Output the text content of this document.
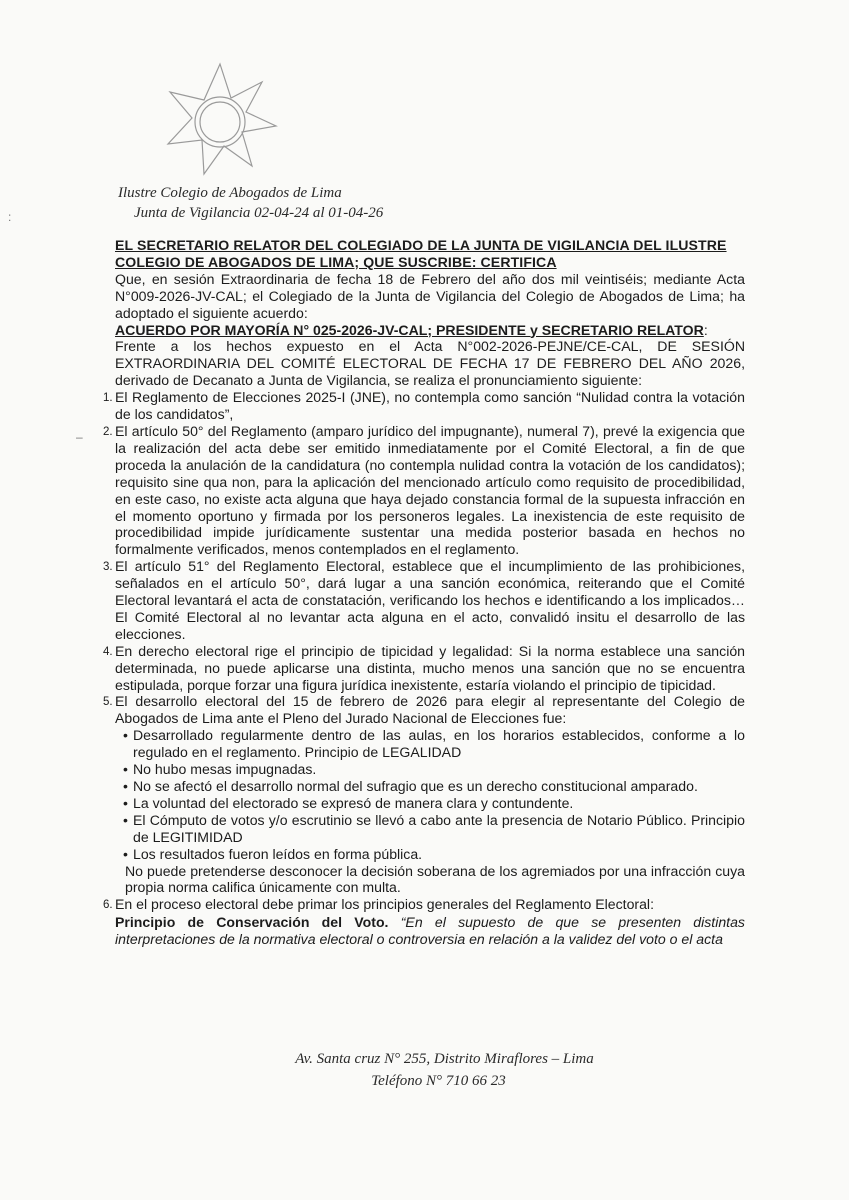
Ilustre Colegio de Abogados de Lima
Junta de Vigilancia 02-04-24 al 01-04-26
:
–

EL SECRETARIO RELATOR DEL COLEGIADO DE LA JUNTA DE VIGILANCIA DEL ILUSTRE COLEGIO DE ABOGADOS DE LIMA; QUE SUSCRIBE: CERTIFICA

Que, en sesión Extraordinaria de fecha 18 de Febrero del año dos mil veintiséis; mediante Acta N°009-2026-JV-CAL; el Colegiado de la Junta de Vigilancia del Colegio de Abogados de Lima; ha adoptado el siguiente acuerdo:

ACUERDO POR MAYORÍA N° 025-2026-JV-CAL; PRESIDENTE y SECRETARIO RELATOR:

Frente a los hechos expuesto en el Acta N°002-2026-PEJNE/CE-CAL, DE SESIÓN EXTRAORDINARIA DEL COMITÉ ELECTORAL DE FECHA 17 DE FEBRERO DEL AÑO 2026, derivado de Decanato a Junta de Vigilancia, se realiza el pronunciamiento siguiente:

1. El Reglamento de Elecciones 2025-I (JNE), no contempla como sanción “Nulidad contra la votación de los candidatos”,
2. El artículo 50° del Reglamento (amparo jurídico del impugnante), numeral 7), prevé la exigencia que la realización del acta debe ser emitido inmediatamente por el Comité Electoral, a fin de que proceda la anulación de la candidatura (no contempla nulidad contra la votación de los candidatos); requisito sine qua non, para la aplicación del mencionado artículo como requisito de procedibilidad, en este caso, no existe acta alguna que haya dejado constancia formal de la supuesta infracción en el momento oportuno y firmada por los personeros legales. La inexistencia de este requisito de procedibilidad impide jurídicamente sustentar una medida posterior basada en hechos no formalmente verificados, menos contemplados en el reglamento.
3. El artículo 51° del Reglamento Electoral, establece que el incumplimiento de las prohibiciones, señalados en el artículo 50°, dará lugar a una sanción económica, reiterando que el Comité Electoral levantará el acta de constatación, verificando los hechos e identificando a los implicados…El Comité Electoral al no levantar acta alguna en el acto, convalidó insitu el desarrollo de las elecciones.
4. En derecho electoral rige el principio de tipicidad y legalidad: Si la norma establece una sanción determinada, no puede aplicarse una distinta, mucho menos una sanción que no se encuentra estipulada, porque forzar una figura jurídica inexistente, estaría violando el principio de tipicidad.
5. El desarrollo electoral del 15 de febrero de 2026 para elegir al representante del Colegio de Abogados de Lima ante el Pleno del Jurado Nacional de Elecciones fue:
• Desarrollado regularmente dentro de las aulas, en los horarios establecidos, conforme a lo regulado en el reglamento. Principio de LEGALIDAD
• No hubo mesas impugnadas.
• No se afectó el desarrollo normal del sufragio que es un derecho constitucional amparado.
• La voluntad del electorado se expresó de manera clara y contundente.
• El Cómputo de votos y/o escrutinio se llevó a cabo ante la presencia de Notario Público. Principio de LEGITIMIDAD
• Los resultados fueron leídos en forma pública.

No puede pretenderse desconocer la decisión soberana de los agremiados por una infracción cuya propia norma califica únicamente con multa.

6. En el proceso electoral debe primar los principios generales del Reglamento Electoral:

Principio de Conservación del Voto. “En el supuesto de que se presenten distintas interpretaciones de la normativa electoral o controversia en relación a la validez del voto o el acta

Av. Santa cruz N° 255, Distrito Miraflores – Lima
Teléfono N° 710 66 23
